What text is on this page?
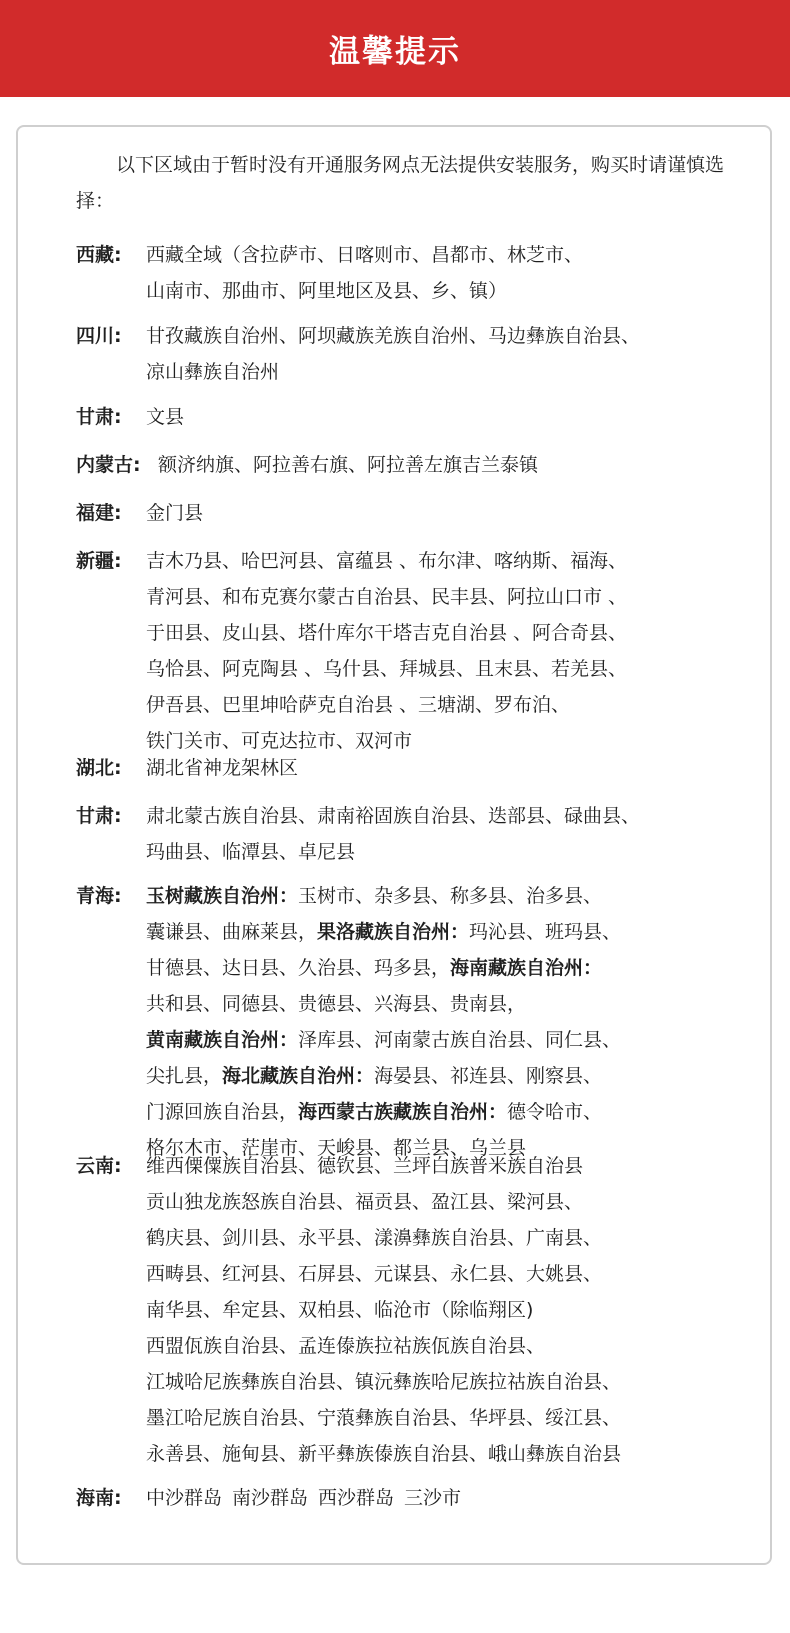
温馨提示
以下区域由于暂时没有开通服务网点无法提供安装服务，购买时请谨慎选择：
西藏:	西藏全域（含拉萨市、日喀则市、昌都市、林芝市、
山南市、那曲市、阿里地区及县、乡、镇）
四川:	甘孜藏族自治州、阿坝藏族羌族自治州、马边彝族自治县、
凉山彝族自治州
甘肃:	文县
内蒙古: 额济纳旗、阿拉善右旗、阿拉善左旗吉兰泰镇
福建:	金门县
新疆:	吉木乃县、哈巴河县、富蕴县 、布尔津、喀纳斯、福海、
青河县、和布克赛尔蒙古自治县、民丰县、阿拉山口市 、
于田县、皮山县、塔什库尔干塔吉克自治县 、阿合奇县、
乌恰县、阿克陶县 、乌什县、拜城县、且末县、若羌县、
伊吾县、巴里坤哈萨克自治县 、三塘湖、罗布泊、
铁门关市、可克达拉市、双河市
湖北:	湖北省神龙架林区
甘肃:	肃北蒙古族自治县、肃南裕固族自治县、迭部县、碌曲县、
玛曲县、临潭县、卓尼县
青海:	玉树藏族自治州：玉树市、杂多县、称多县、治多县、
囊谦县、曲麻莱县，果洛藏族自治州：玛沁县、班玛县、
甘德县、达日县、久治县、玛多县，海南藏族自治州：
共和县、同德县、贵德县、兴海县、贵南县，
黄南藏族自治州：泽库县、河南蒙古族自治县、同仁县、
尖扎县，海北藏族自治州：海晏县、祁连县、刚察县、
门源回族自治县，海西蒙古族藏族自治州：德令哈市、
格尔木市、茫崖市、天峻县、都兰县、乌兰县
云南:	维西傈僳族自治县、德钦县、兰坪白族普米族自治县
贡山独龙族怒族自治县、福贡县、盈江县、梁河县、
鹤庆县、剑川县、永平县、漾濞彝族自治县、广南县、
西畴县、红河县、石屏县、元谋县、永仁县、大姚县、
南华县、牟定县、双柏县、临沧市（除临翔区)
西盟佤族自治县、孟连傣族拉祜族佤族自治县、
江城哈尼族彝族自治县、镇沅彝族哈尼族拉祜族自治县、
墨江哈尼族自治县、宁蒗彝族自治县、华坪县、绥江县、
永善县、施甸县、新平彝族傣族自治县、峨山彝族自治县
海南:	中沙群岛 南沙群岛 西沙群岛 三沙市
